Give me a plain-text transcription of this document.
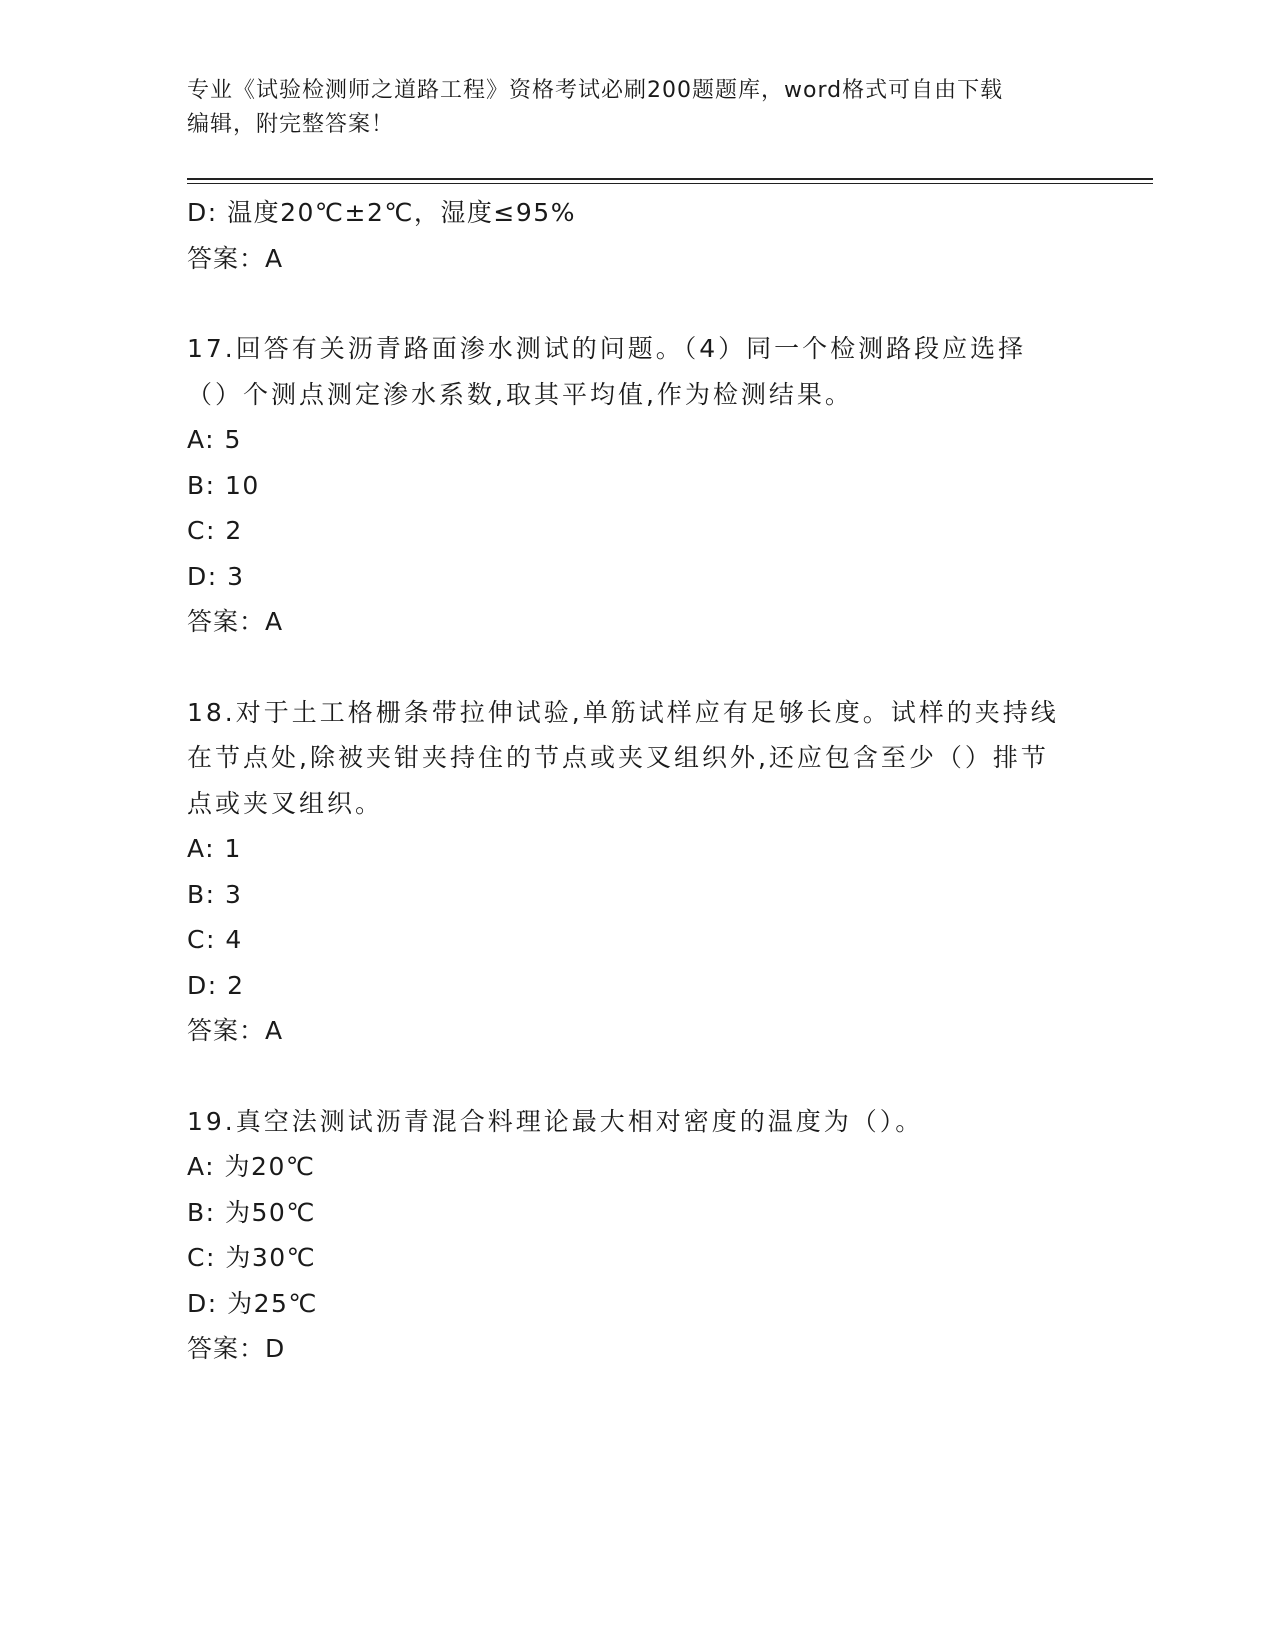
专业《试验检测师之道路工程》资格考试必刷200题题库，word格式可自由下载
编辑，附完整答案！
D: 温度20℃±2℃，湿度≤95%
答案：A
17.回答有关沥青路面渗水测试的问题。（4）同一个检测路段应选择（）个测点测定渗水系数,取其平均值,作为检测结果。
A: 5
B: 10
C: 2
D: 3
答案：A
18.对于土工格栅条带拉伸试验,单筋试样应有足够长度。试样的夹持线在节点处,除被夹钳夹持住的节点或夹叉组织外,还应包含至少（）排节点或夹叉组织。
A: 1
B: 3
C: 4
D: 2
答案：A
19.真空法测试沥青混合料理论最大相对密度的温度为（）。
A: 为20℃
B: 为50℃
C: 为30℃
D: 为25℃
答案：D
